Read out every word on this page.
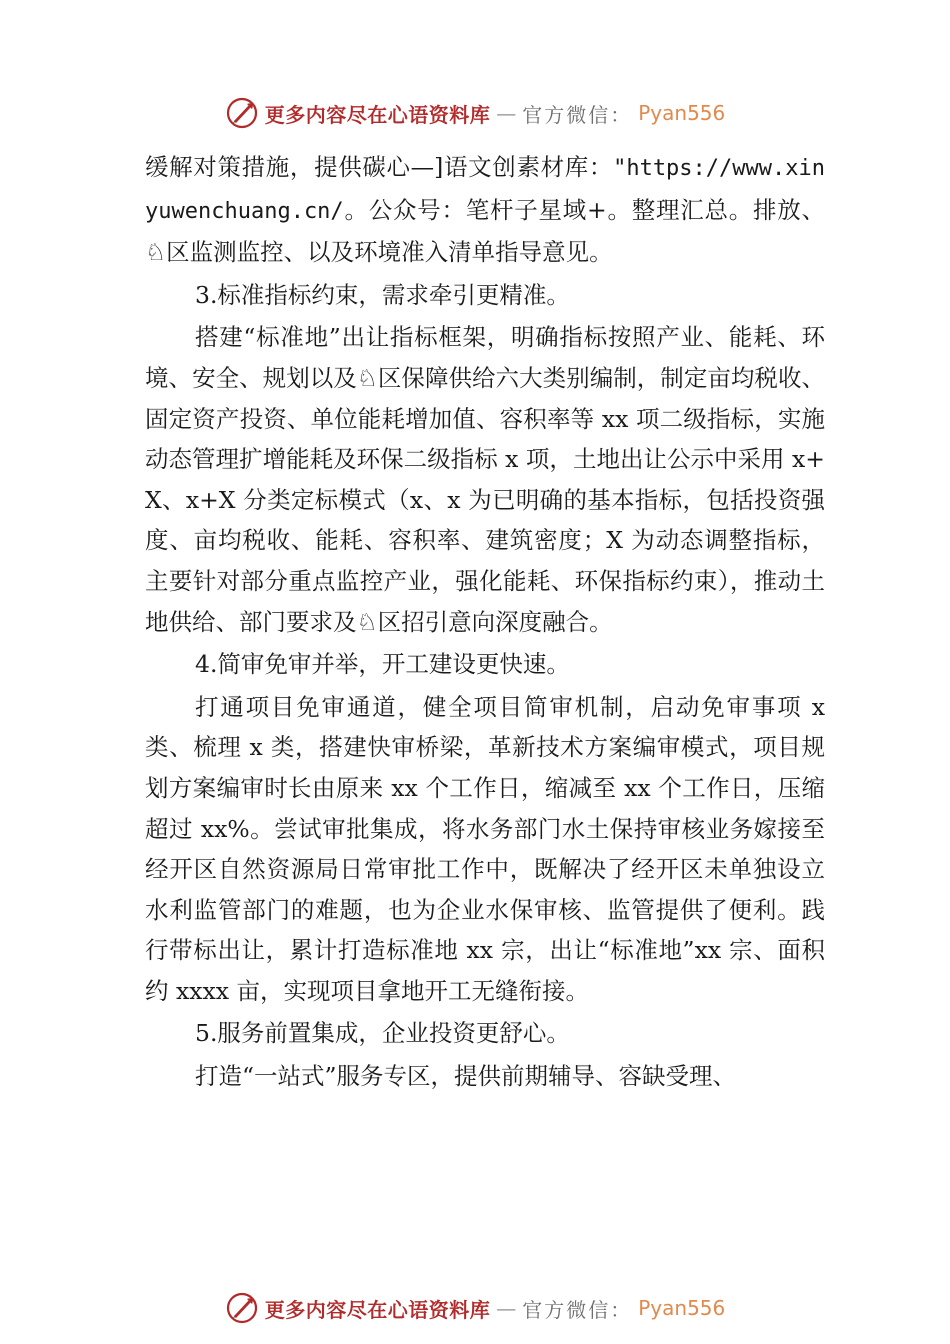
更多内容尽在心语资料库 — 官方微信： Pyan556

缓解对策措施，提供碳心—]语文创素材库："https://www.xinyuwenchuang.cn/。公众号：笔杆子星域+。整理汇总。排放、♘区监测监控、以及环境准入清单指导意见。

3.标准指标约束，需求牵引更精准。

搭建“标准地”出让指标框架，明确指标按照产业、能耗、环境、安全、规划以及♘区保障供给六大类别编制，制定亩均税收、固定资产投资、单位能耗增加值、容积率等 xx 项二级指标，实施动态管理扩增能耗及环保二级指标 x 项，土地出让公示中采用 x+X、x+X 分类定标模式（x、x 为已明确的基本指标，包括投资强度、亩均税收、能耗、容积率、建筑密度；X 为动态调整指标，主要针对部分重点监控产业，强化能耗、环保指标约束），推动土地供给、部门要求及♘区招引意向深度融合。

4.简审免审并举，开工建设更快速。

打通项目免审通道，健全项目简审机制，启动免审事项 x 类、梳理 x 类，搭建快审桥梁，革新技术方案编审模式，项目规划方案编审时长由原来 xx 个工作日，缩减至 xx 个工作日，压缩超过 xx%。尝试审批集成，将水务部门水土保持审核业务嫁接至经开区自然资源局日常审批工作中，既解决了经开区未单独设立水利监管部门的难题，也为企业水保审核、监管提供了便利。践行带标出让，累计打造标准地 xx 宗，出让“标准地”xx 宗、面积约 xxxx 亩，实现项目拿地开工无缝衔接。

5.服务前置集成，企业投资更舒心。

打造“一站式”服务专区，提供前期辅导、容缺受理、

更多内容尽在心语资料库 — 官方微信： Pyan556
